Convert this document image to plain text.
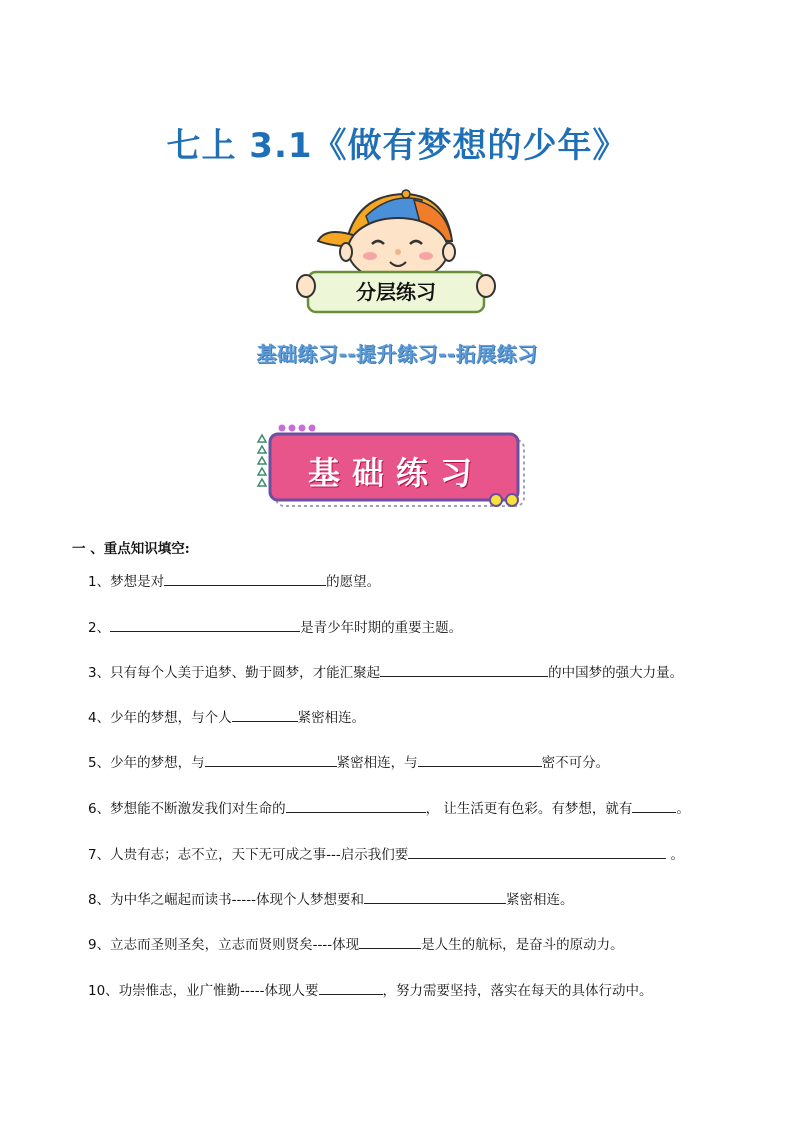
七上 3.1《做有梦想的少年》
分层练习
基础练习--提升练习--拓展练习
基础练习
一 、重点知识填空:
1、梦想是对	的愿望。
2、	是青少年时期的重要主题。
3、只有每个人美于追梦、勤于圆梦，才能汇聚起	的中国梦的强大力量。
4、少年的梦想，与个人	紧密相连。
5、少年的梦想，与	紧密相连，与	密不可分。
6、梦想能不断激发我们对生命的	， 让生活更有色彩。有梦想，就有	。
7、人贵有志；志不立，天下无可成之事---启示我们要	。
8、为中华之崛起而读书-----体现个人梦想要和	紧密相连。
9、立志而圣则圣矣，立志而贤则贤矣----体现	是人生的航标，是奋斗的原动力。
10、功崇惟志，业广惟勤-----体现人要	，努力需要坚持，落实在每天的具体行动中。
